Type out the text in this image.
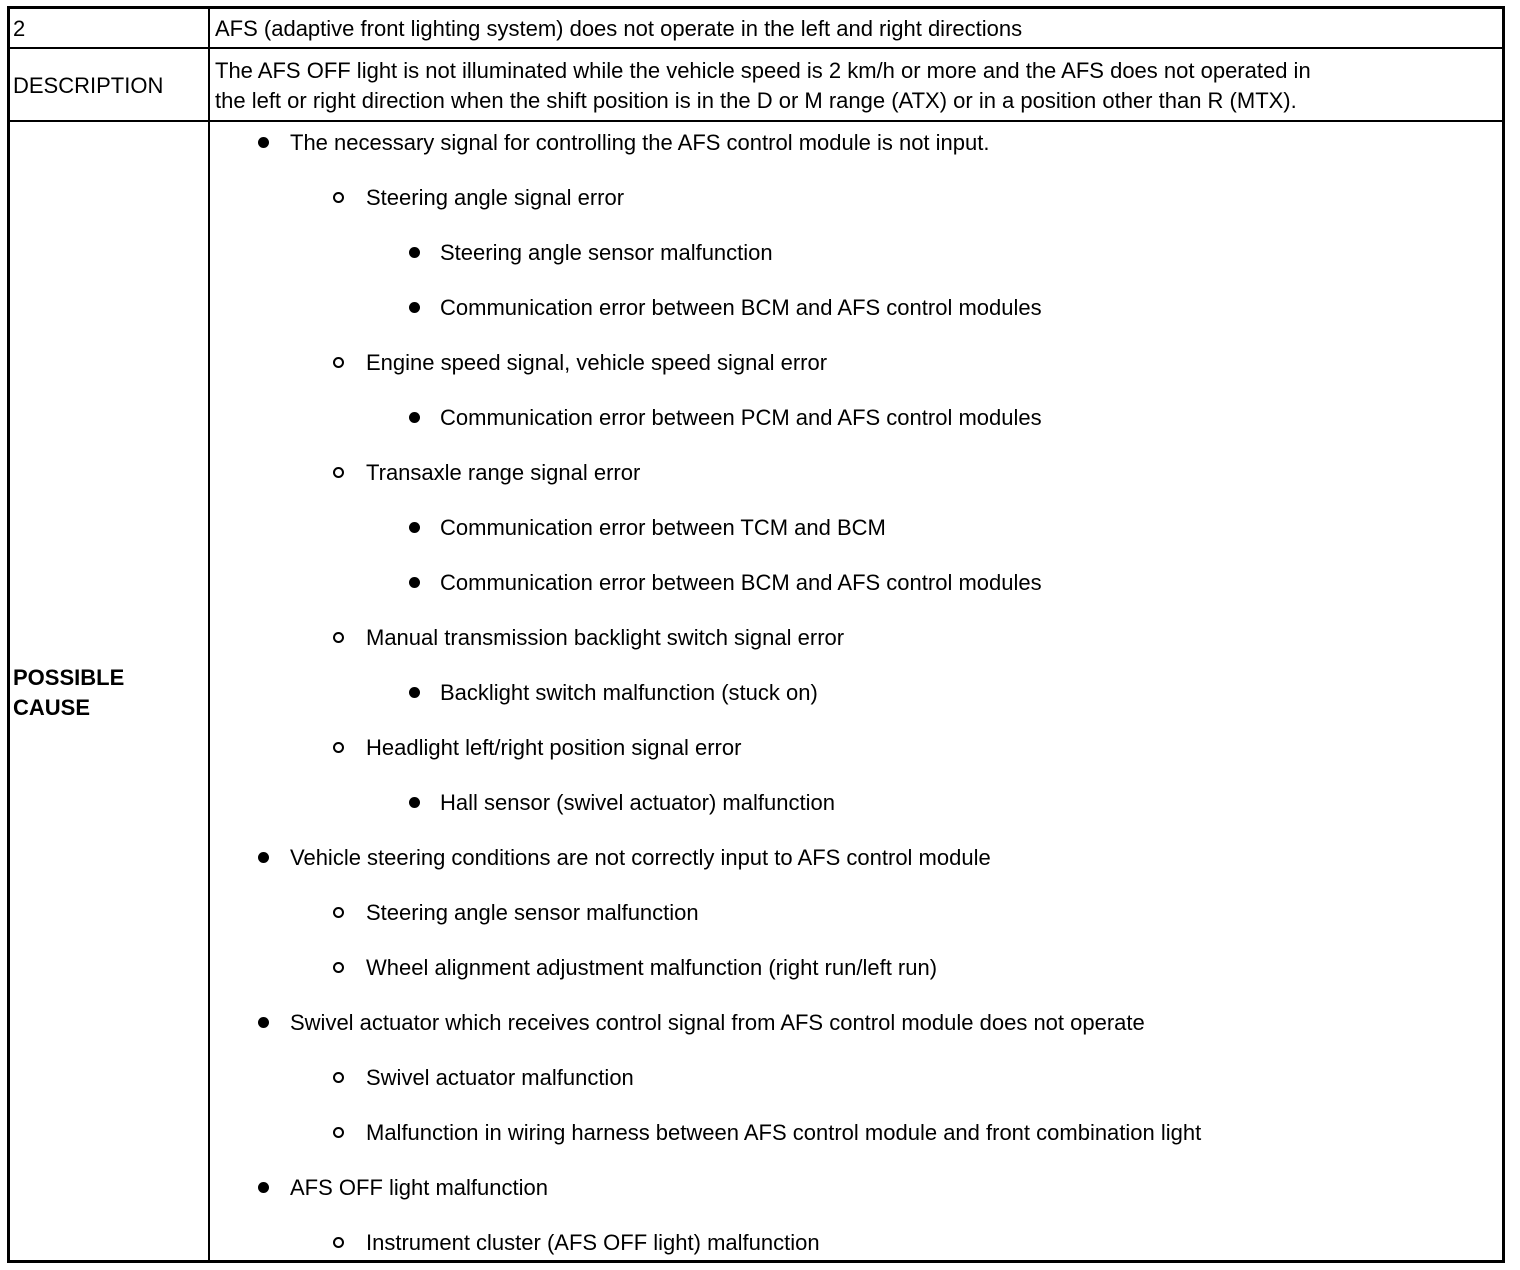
2	AFS (adaptive front lighting system) does not operate in the left and right directions
DESCRIPTION
The AFS OFF light is not illuminated while the vehicle speed is 2 km/h or more and the AFS does not operated in
the left or right direction when the shift position is in the D or M range (ATX) or in a position other than R (MTX).
POSSIBLE
CAUSE
The necessary signal for controlling the AFS control module is not input.
Steering angle signal error
Steering angle sensor malfunction
Communication error between BCM and AFS control modules
Engine speed signal, vehicle speed signal error
Communication error between PCM and AFS control modules
Transaxle range signal error
Communication error between TCM and BCM
Communication error between BCM and AFS control modules
Manual transmission backlight switch signal error
Backlight switch malfunction (stuck on)
Headlight left/right position signal error
Hall sensor (swivel actuator) malfunction
Vehicle steering conditions are not correctly input to AFS control module
Steering angle sensor malfunction
Wheel alignment adjustment malfunction (right run/left run)
Swivel actuator which receives control signal from AFS control module does not operate
Swivel actuator malfunction
Malfunction in wiring harness between AFS control module and front combination light
AFS OFF light malfunction
Instrument cluster (AFS OFF light) malfunction
